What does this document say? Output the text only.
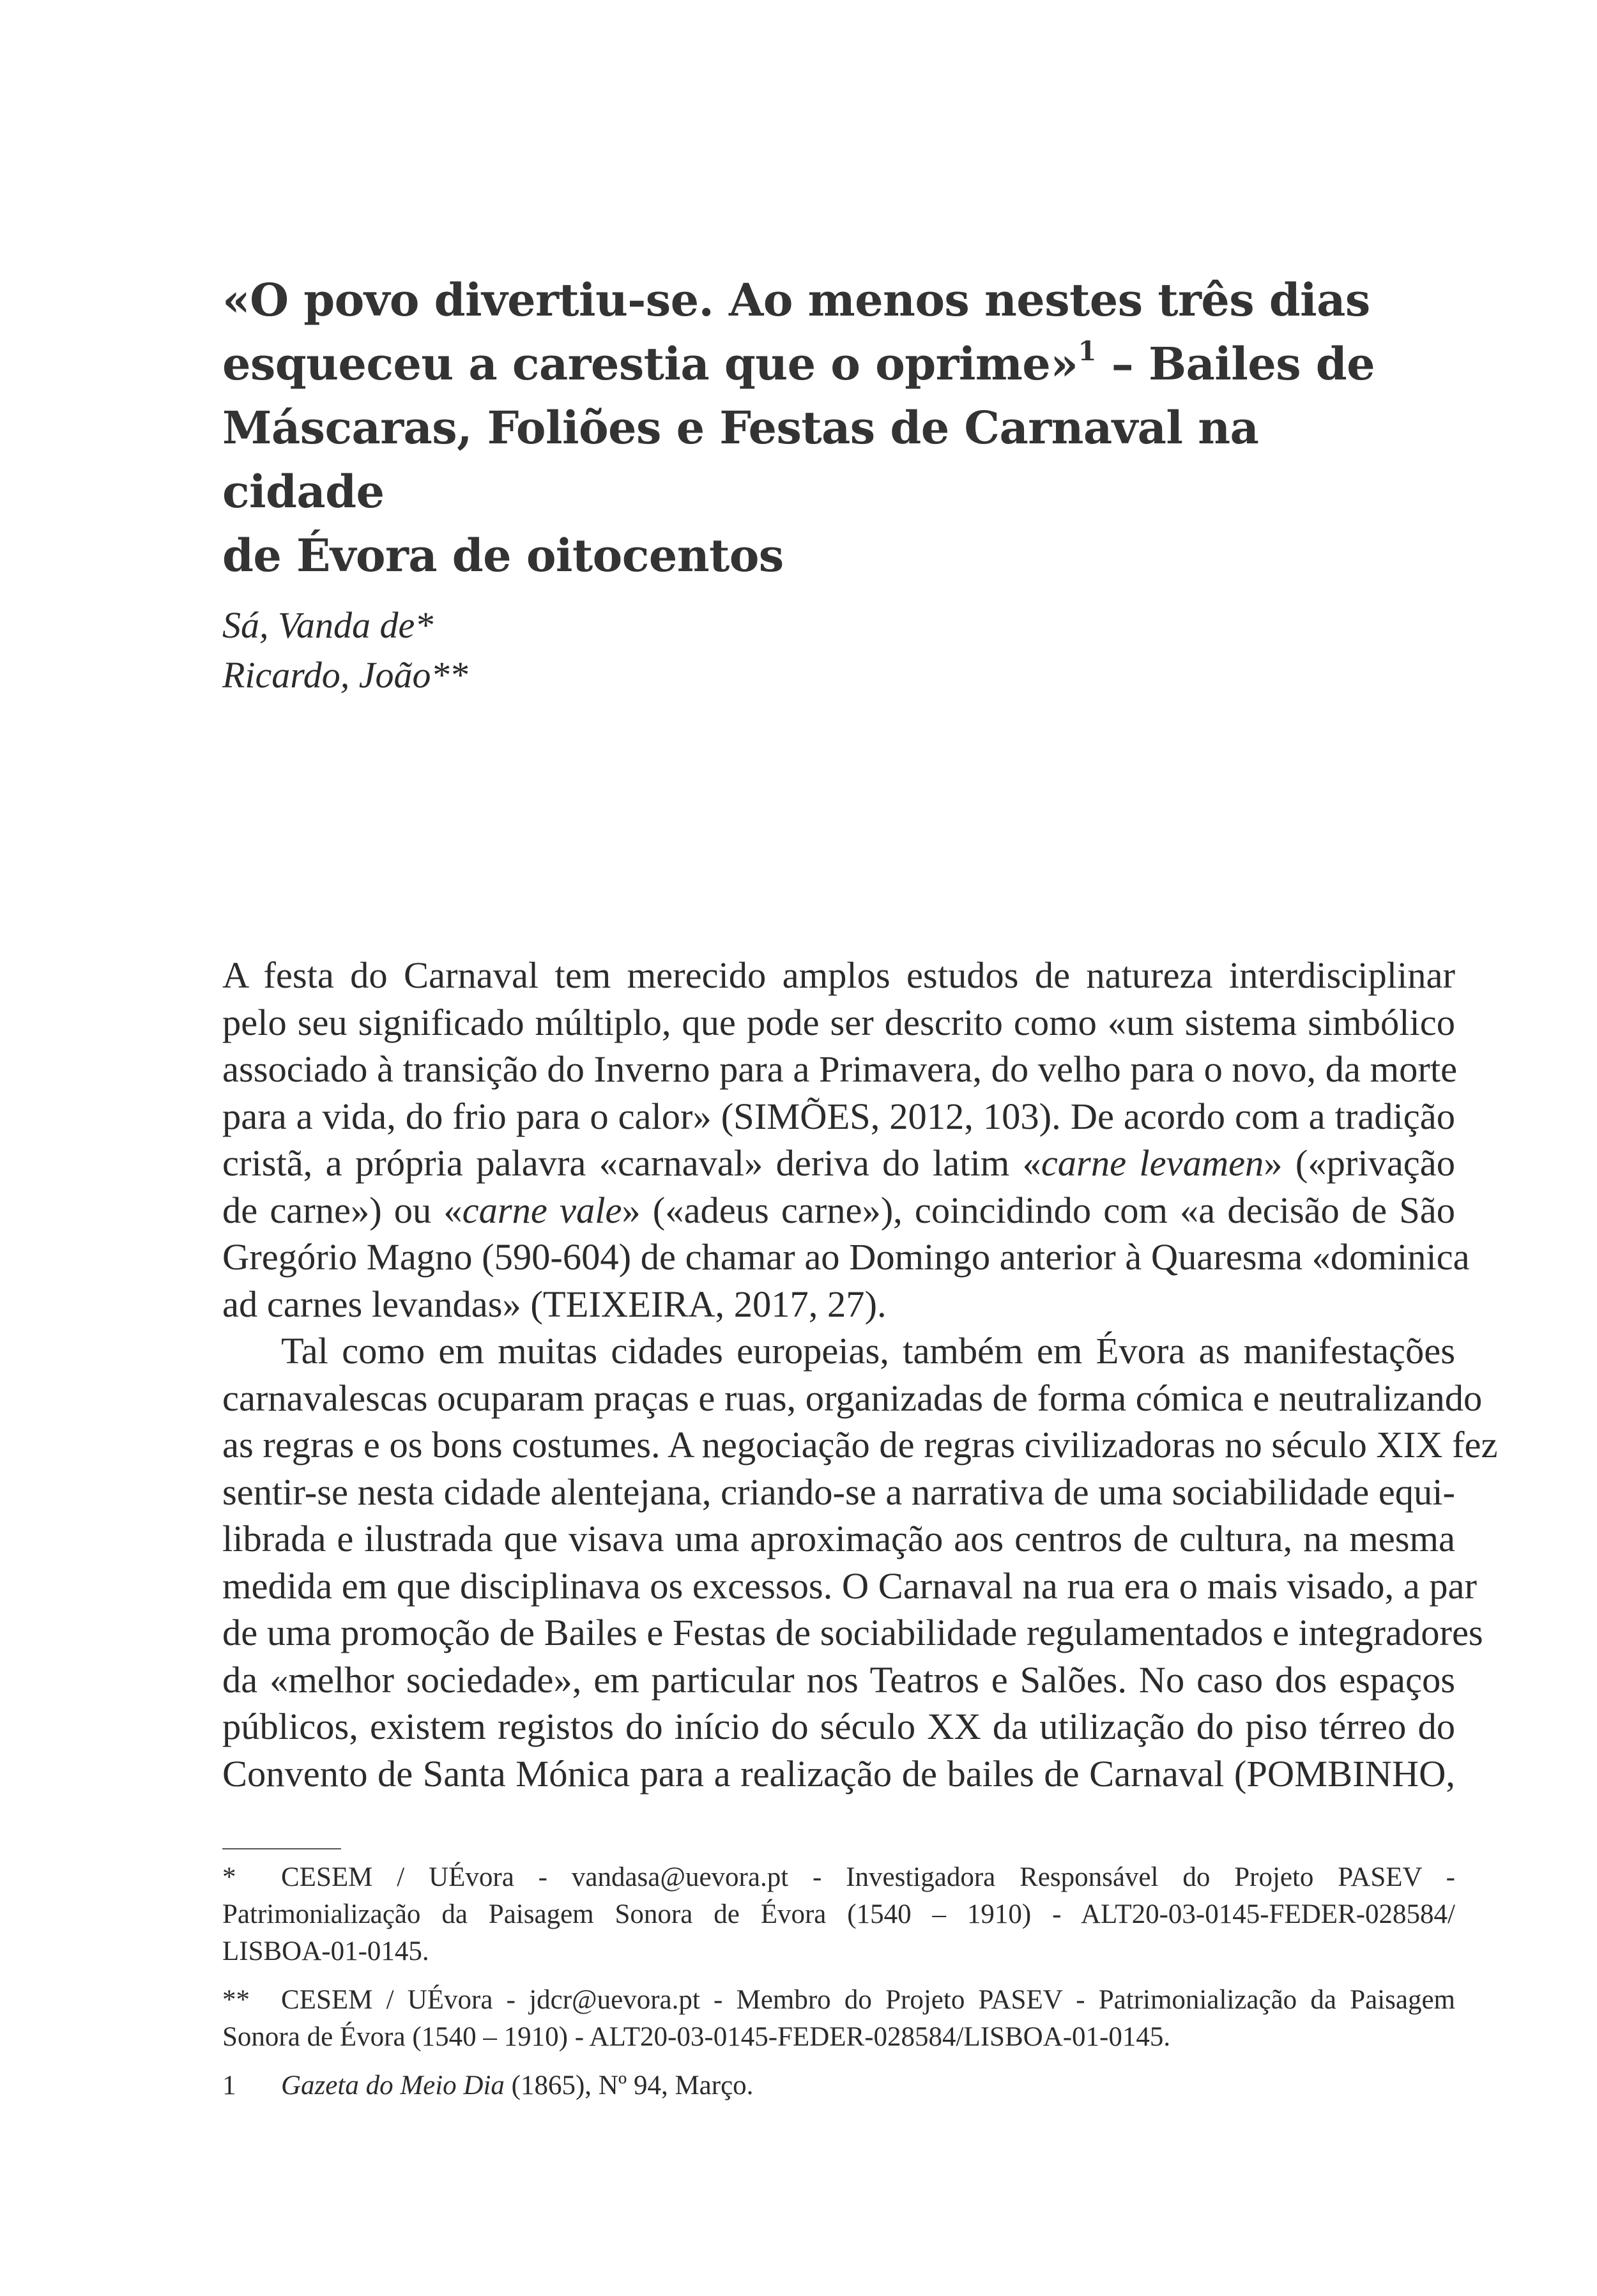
«O povo divertiu-se. Ao menos nestes três dias
esqueceu a carestia que o oprime»$^1$ – Bailes de
Máscaras, Foliões e Festas de Carnaval na cidade
de Évora de oitocentos
Sá, Vanda de*
Ricardo, João**
A festa do Carnaval tem merecido amplos estudos de natureza interdisciplinar
pelo seu significado múltiplo, que pode ser descrito como «um sistema simbólico
associado à transição do Inverno para a Primavera, do velho para o novo, da morte
para a vida, do frio para o calor» (SIMÕES, 2012, 103). De acordo com a tradição
cristã, a própria palavra «carnaval» deriva do latim «carne levamen» («privação
de carne») ou «carne vale» («adeus carne»), coincidindo com «a decisão de São
Gregório Magno (590-604) de chamar ao Domingo anterior à Quaresma «dominica
ad carnes levandas» (TEIXEIRA, 2017, 27).
Tal como em muitas cidades europeias, também em Évora as manifestações
carnavalescas ocuparam praças e ruas, organizadas de forma cómica e neutralizando
as regras e os bons costumes. A negociação de regras civilizadoras no século XIX fez
sentir-se nesta cidade alentejana, criando-se a narrativa de uma sociabilidade equi-
librada e ilustrada que visava uma aproximação aos centros de cultura, na mesma
medida em que disciplinava os excessos. O Carnaval na rua era o mais visado, a par
de uma promoção de Bailes e Festas de sociabilidade regulamentados e integradores
da «melhor sociedade», em particular nos Teatros e Salões. No caso dos espaços
públicos, existem registos do início do século XX da utilização do piso térreo do
Convento de Santa Mónica para a realização de bailes de Carnaval (POMBINHO,
* CESEM / UÉvora - vandasa@uevora.pt - Investigadora Responsável do Projeto PASEV -
Patrimonialização da Paisagem Sonora de Évora (1540 – 1910) - ALT20-03-0145-FEDER-028584/
LISBOA-01-0145.
** CESEM / UÉvora - jdcr@uevora.pt - Membro do Projeto PASEV - Patrimonialização da Paisagem
Sonora de Évora (1540 – 1910) - ALT20-03-0145-FEDER-028584/LISBOA-01-0145.
1 Gazeta do Meio Dia (1865), Nº 94, Março.
